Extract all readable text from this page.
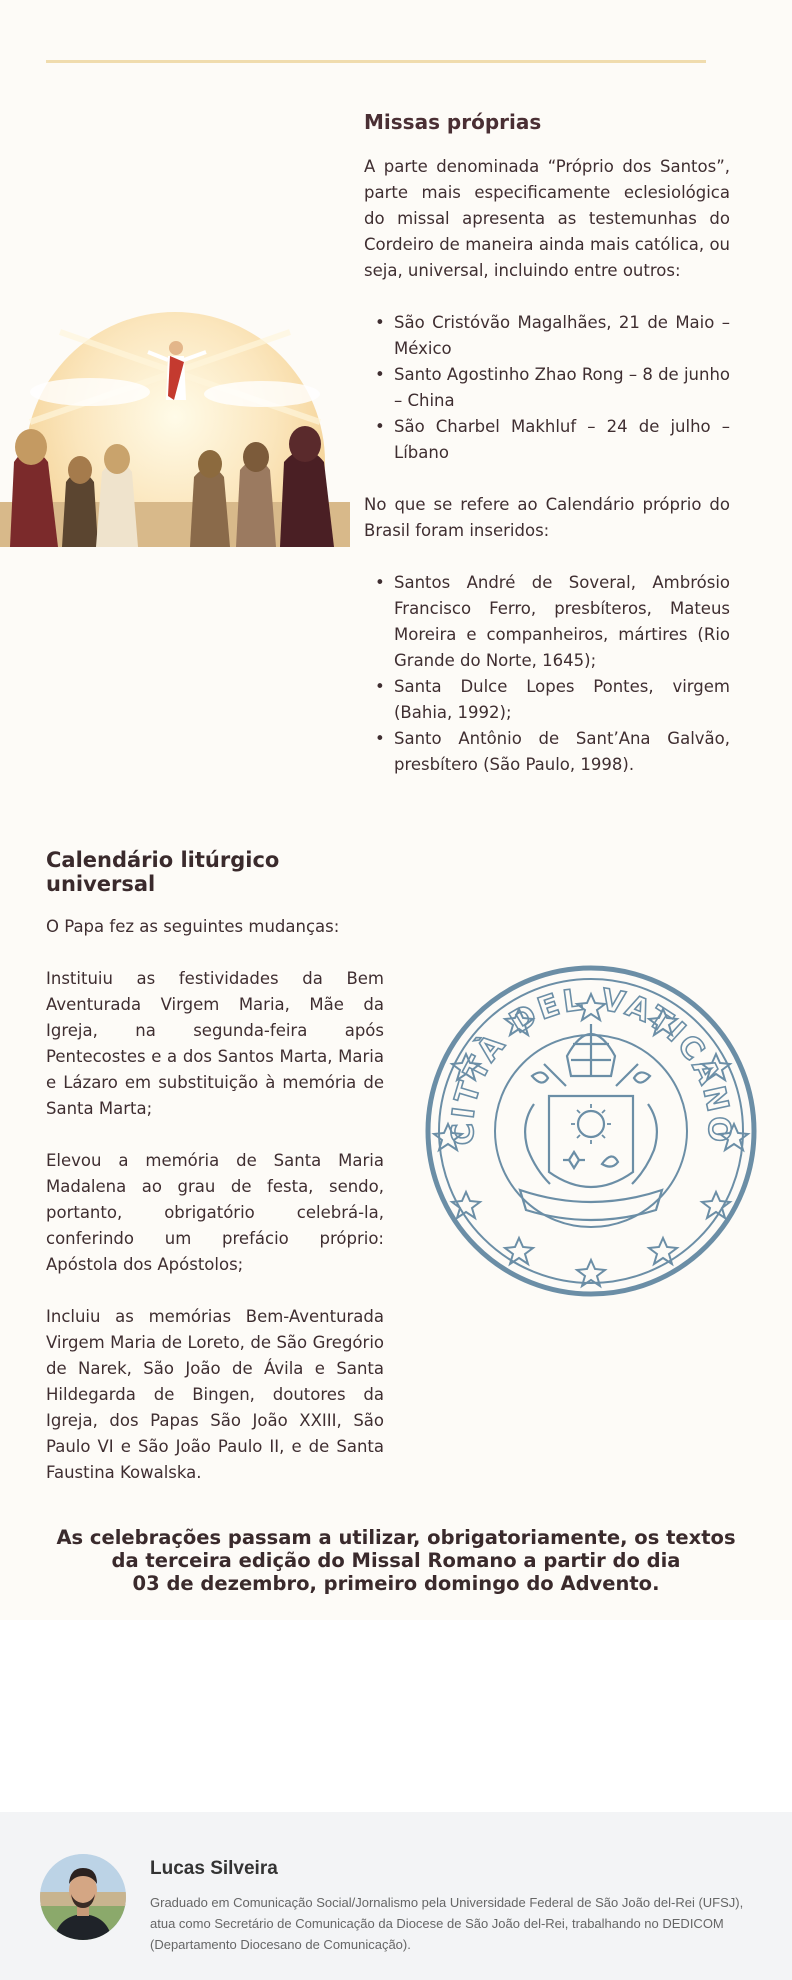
Missas próprias

A parte denominada “Próprio dos Santos”, parte mais especificamente eclesiológica do missal apresenta as testemunhas do Cordeiro de maneira ainda mais católica, ou seja, universal, incluindo entre outros:

• São Cristóvão Magalhães, 21 de Maio – México
• Santo Agostinho Zhao Rong – 8 de junho – China
• São Charbel Makhluf – 24 de julho – Líbano

No que se refere ao Calendário próprio do Brasil foram inseridos:

• Santos André de Soveral, Ambrósio Francisco Ferro, presbíteros, Mateus Moreira e companheiros, mártires (Rio Grande do Norte, 1645);
• Santa Dulce Lopes Pontes, virgem (Bahia, 1992);
• Santo Antônio de Sant’Ana Galvão, presbítero (São Paulo, 1998).
Calendário litúrgico universal

O Papa fez as seguintes mudanças:

Instituiu as festividades da Bem Aventurada Virgem Maria, Mãe da Igreja, na segunda-feira após Pentecostes e a dos Santos Marta, Maria e Lázaro em substituição à memória de Santa Marta;

Elevou a memória de Santa Maria Madalena ao grau de festa, sendo, portanto, obrigatório celebrá-la, conferindo um prefácio próprio: Apóstola dos Apóstolos;

Incluiu as memórias Bem-Aventurada Virgem Maria de Loreto, de São Gregório de Narek, São João de Ávila e Santa Hildegarda de Bingen, doutores da Igreja, dos Papas São João XXIII, São Paulo VI e São João Paulo II, e de Santa Faustina Kowalska.

CITTÀ DEL VATICANO
As celebrações passam a utilizar, obrigatoriamente, os textos
da terceira edição do Missal Romano a partir do dia
03 de dezembro, primeiro domingo do Advento.
Lucas Silveira

Graduado em Comunicação Social/Jornalismo pela Universidade Federal de São João del-Rei (UFSJ), atua como Secretário de Comunicação da Diocese de São João del-Rei, trabalhando no DEDICOM (Departamento Diocesano de Comunicação).
